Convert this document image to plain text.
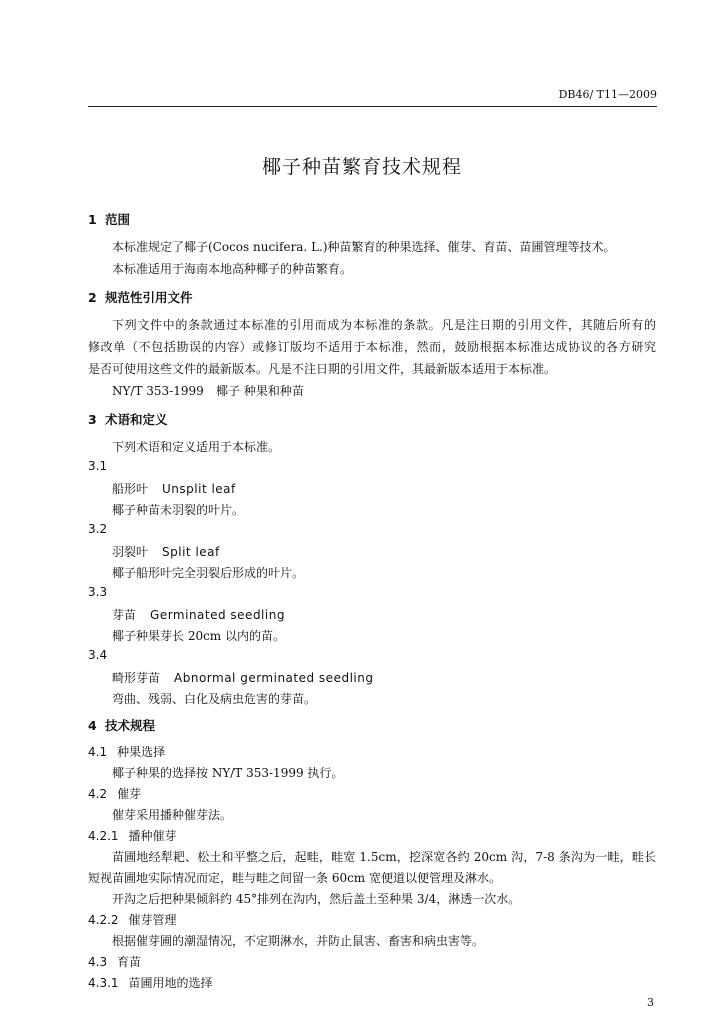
DB46/ T11—2009
椰子种苗繁育技术规程
1 范围
本标准规定了椰子(Cocos nucifera. L.)种苗繁育的种果选择、催芽、育苗、苗圃管理等技术。
本标准适用于海南本地高种椰子的种苗繁育。
2 规范性引用文件
下列文件中的条款通过本标准的引用而成为本标准的条款。凡是注日期的引用文件，其随后所有的
修改单（不包括勘误的内容）或修订版均不适用于本标准，然而，鼓励根据本标准达成协议的各方研究
是否可使用这些文件的最新版本。凡是不注日期的引用文件，其最新版本适用于本标准。
NY/T 353-1999 椰子 种果和种苗
3 术语和定义
下列术语和定义适用于本标准。
3.1
船形叶 Unsplit leaf
椰子种苗未羽裂的叶片。
3.2
羽裂叶 Split leaf
椰子船形叶完全羽裂后形成的叶片。
3.3
芽苗 Germinated seedling
椰子种果芽长 20cm 以内的苗。
3.4
畸形芽苗 Abnormal germinated seedling
弯曲、残弱、白化及病虫危害的芽苗。
4 技术规程
4.1 种果选择
椰子种果的选择按 NY/T 353-1999 执行。
4.2 催芽
催芽采用播种催芽法。
4.2.1 播种催芽
苗圃地经犁耙、松土和平整之后，起畦，畦宽 1.5cm，挖深宽各约 20cm 沟，7-8 条沟为一畦，畦长
短视苗圃地实际情况而定，畦与畦之间留一条 60cm 宽便道以便管理及淋水。
开沟之后把种果倾斜约 45°排列在沟内，然后盖土至种果 3/4，淋透一次水。
4.2.2 催芽管理
根据催芽圃的潮湿情况，不定期淋水，并防止鼠害、畜害和病虫害等。
4.3 育苗
4.3.1 苗圃用地的选择
3
